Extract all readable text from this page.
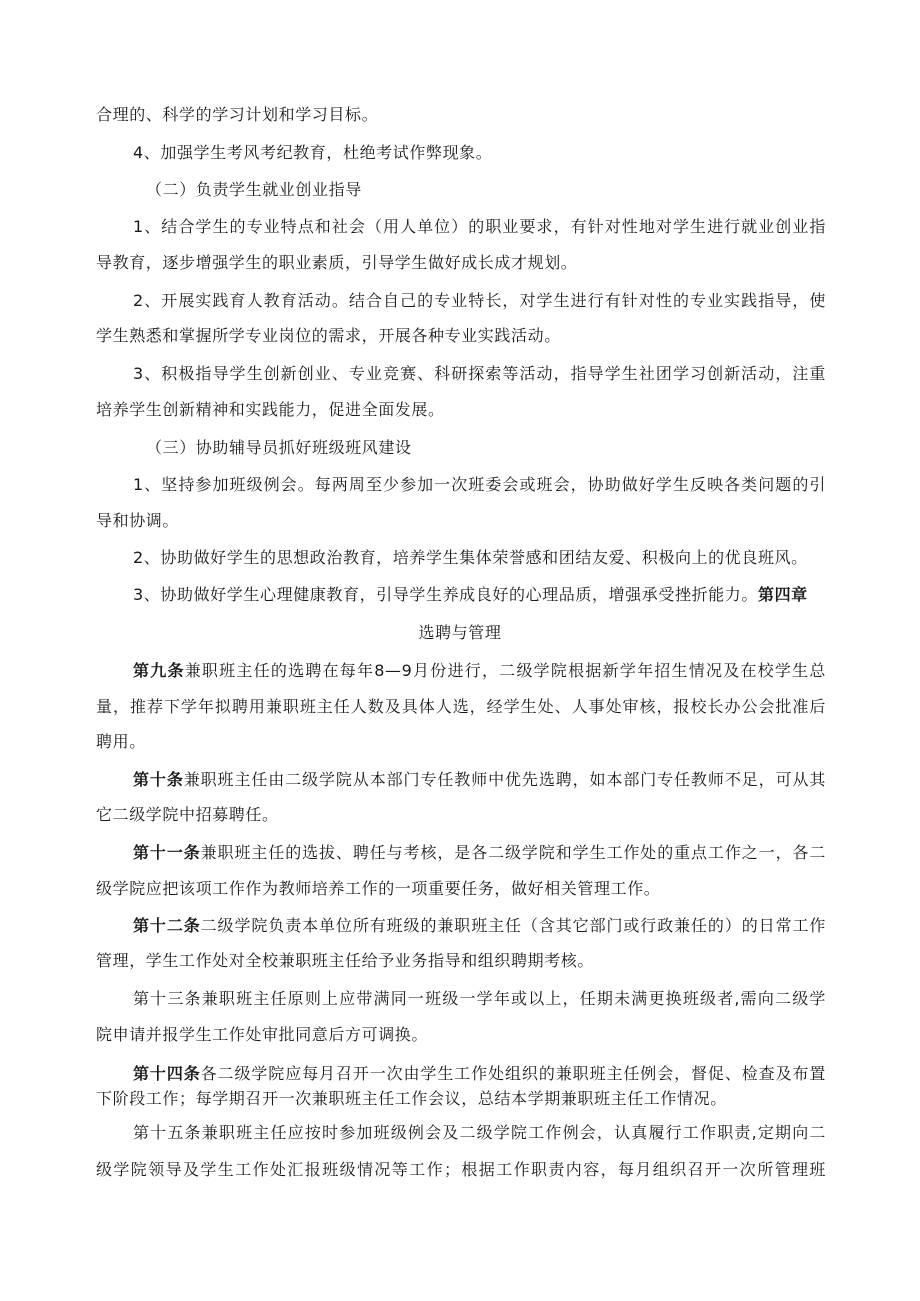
合理的、科学的学习计划和学习目标。
4、加强学生考风考纪教育，杜绝考试作弊现象。
（二）负责学生就业创业指导
1、结合学生的专业特点和社会（用人单位）的职业要求，有针对性地对学生进行就业创业指
导教育，逐步增强学生的职业素质，引导学生做好成长成才规划。
2、开展实践育人教育活动。结合自己的专业特长，对学生进行有针对性的专业实践指导，使
学生熟悉和掌握所学专业岗位的需求，开展各种专业实践活动。
3、积极指导学生创新创业、专业竞赛、科研探索等活动，指导学生社团学习创新活动，注重
培养学生创新精神和实践能力，促进全面发展。
（三）协助辅导员抓好班级班风建设
1、坚持参加班级例会。每两周至少参加一次班委会或班会，协助做好学生反映各类问题的引
导和协调。
2、协助做好学生的思想政治教育，培养学生集体荣誉感和团结友爱、积极向上的优良班风。
3、协助做好学生心理健康教育，引导学生养成良好的心理品质，增强承受挫折能力。第四章
选聘与管理
第九条兼职班主任的选聘在每年8—9月份进行，二级学院根据新学年招生情况及在校学生总
量，推荐下学年拟聘用兼职班主任人数及具体人选，经学生处、人事处审核，报校长办公会批准后
聘用。
第十条兼职班主任由二级学院从本部门专任教师中优先选聘，如本部门专任教师不足，可从其
它二级学院中招募聘任。
第十一条兼职班主任的选拔、聘任与考核，是各二级学院和学生工作处的重点工作之一，各二
级学院应把该项工作作为教师培养工作的一项重要任务，做好相关管理工作。
第十二条二级学院负责本单位所有班级的兼职班主任（含其它部门或行政兼任的）的日常工作
管理，学生工作处对全校兼职班主任给予业务指导和组织聘期考核。
第十三条兼职班主任原则上应带满同一班级一学年或以上，任期未满更换班级者,需向二级学
院申请并报学生工作处审批同意后方可调换。
第十四条各二级学院应每月召开一次由学生工作处组织的兼职班主任例会，督促、检查及布置
下阶段工作；每学期召开一次兼职班主任工作会议，总结本学期兼职班主任工作情况。
第十五条兼职班主任应按时参加班级例会及二级学院工作例会，认真履行工作职责,定期向二
级学院领导及学生工作处汇报班级情况等工作；根据工作职责内容，每月组织召开一次所管理班
